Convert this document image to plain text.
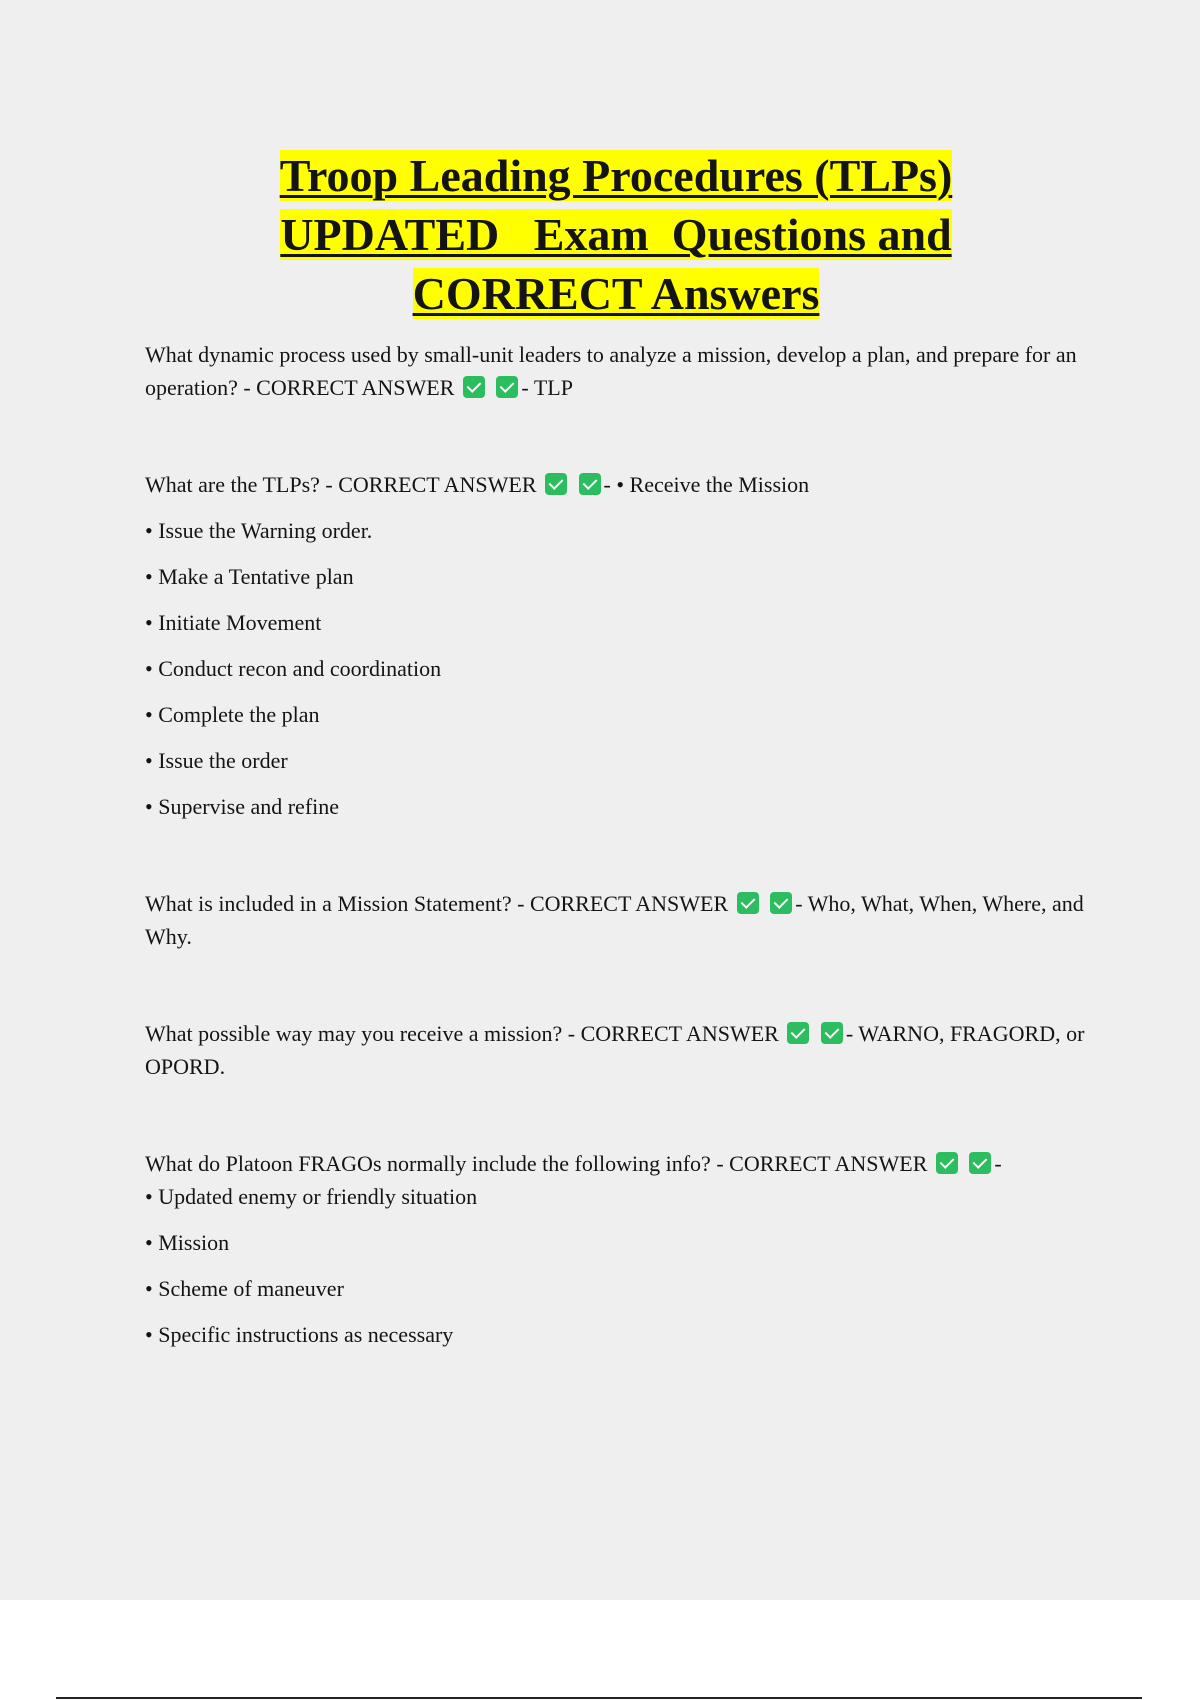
Troop Leading Procedures (TLPs)
UPDATED   Exam  Questions and
CORRECT Answers

What dynamic process used by small-unit leaders to analyze a mission, develop a plan, and prepare for an operation? - CORRECT ANSWER	- TLP

What are the TLPs? - CORRECT ANSWER	- • Receive the Mission

• Issue the Warning order.
• Make a Tentative plan
• Initiate Movement
• Conduct recon and coordination
• Complete the plan
• Issue the order
• Supervise and refine

What is included in a Mission Statement? - CORRECT ANSWER	- Who, What, When, Where, and Why.

What possible way may you receive a mission? - CORRECT ANSWER	- WARNO, FRAGORD, or OPORD.

What do Platoon FRAGOs normally include the following info? - CORRECT ANSWER	-

• Updated enemy or friendly situation
• Mission
• Scheme of maneuver
• Specific instructions as necessary
